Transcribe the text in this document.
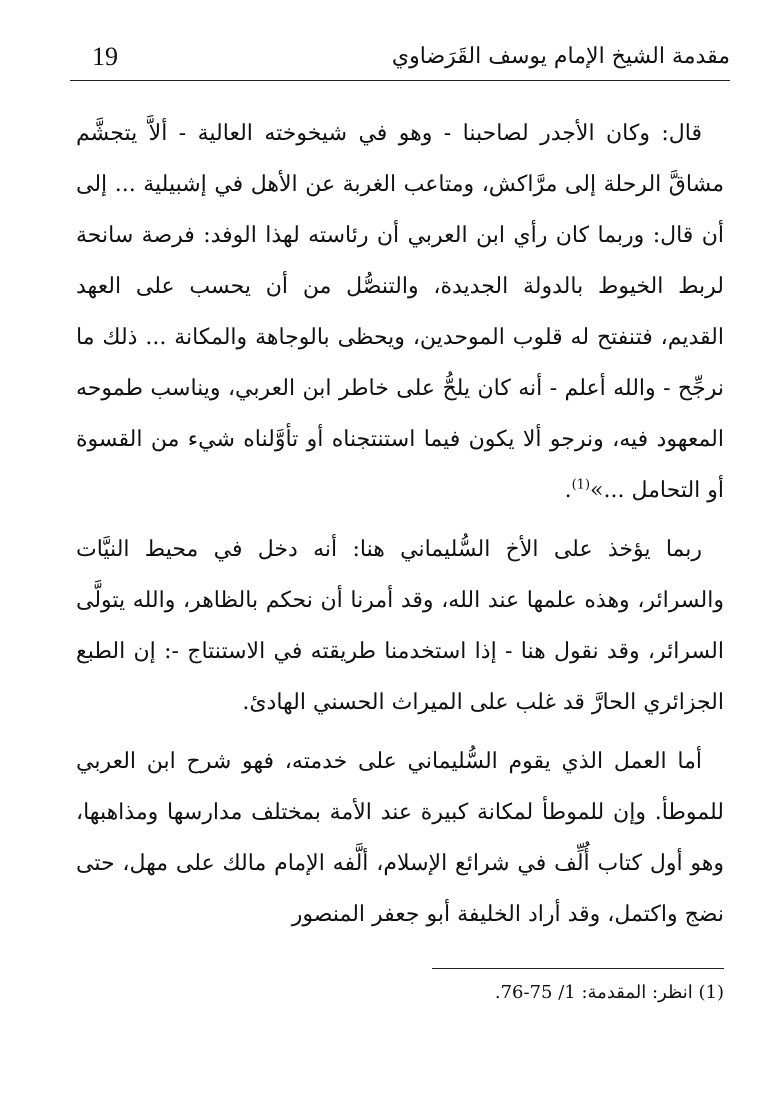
19	مقدمة الشيخ الإمام يوسف القَرَضاوي

قال: وكان الأجدر لصاحبنا - وهو في شيخوخته العالية - ألاَّ يتجشَّم مشاقَّ الرحلة إلى مرَّاكش، ومتاعب الغربة عن الأهل في إشبيلية ... إلى أن قال: وربما كان رأي ابن العربي أن رئاسته لهذا الوفد: فرصة سانحة لربط الخيوط بالدولة الجديدة، والتنصُّل من أن يحسب على العهد القديم، فتنفتح له قلوب الموحدين، ويحظى بالوجاهة والمكانة ... ذلك ما نرجِّح - والله أعلم - أنه كان يلحُّ على خاطر ابن العربي، ويناسب طموحه المعهود فيه، ونرجو ألا يكون فيما استنتجناه أو تأوَّلناه شيء من القسوة أو التحامل ...»$^{(1)}$.

ربما يؤخذ على الأخ السُّليماني هنا: أنه دخل في محيط النيَّات والسرائر، وهذه علمها عند الله، وقد أمرنا أن نحكم بالظاهر، والله يتولَّى السرائر، وقد نقول هنا - إذا استخدمنا طريقته في الاستنتاج -: إن الطبع الجزائري الحارَّ قد غلب على الميراث الحسني الهادئ.

أما العمل الذي يقوم السُّليماني على خدمته، فهو شرح ابن العربي للموطأ. وإن للموطأ لمكانة كبيرة عند الأمة بمختلف مدارسها ومذاهبها، وهو أول كتاب أُلِّف في شرائع الإسلام، ألَّفه الإمام مالك على مهل، حتى نضج واكتمل، وقد أراد الخليفة أبو جعفر المنصور

(1) انظر: المقدمة: 1/ 75-76.
